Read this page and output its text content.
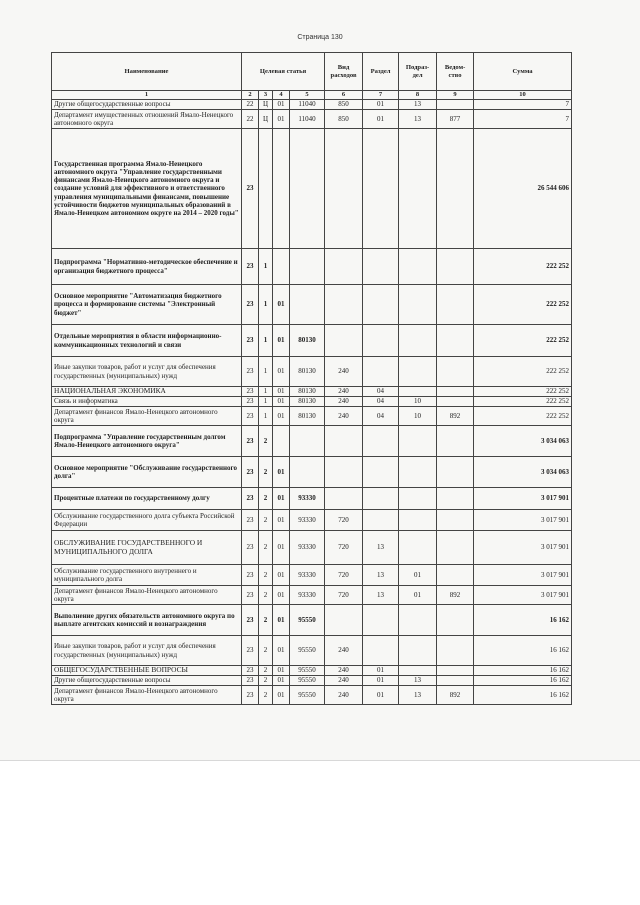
Страница 130
Наименование	Целевая статья				Вид расходов	Раздел	Подраз-дел	Ведом-ство	Сумма
1	2	3	4	5	6	7	8	9	10
Другие общегосударственные вопросы	22	Ц	01	11040	850	01	13		7
Департамент имущественных отношений Ямало-Ненецкого автономного округа	22	Ц	01	11040	850	01	13	877	7
Государственная программа Ямало-Ненецкого автономного округа "Управление государственными финансами Ямало-Ненецкого автономного округа и создание условий для эффективного и ответственного управления муниципальными финансами, повышение устойчивости бюджетов муниципальных образований в Ямало-Ненецком автономном округе на 2014 – 2020 годы"	23								26 544 606
Подпрограмма "Нормативно-методическое обеспечение и организация бюджетного процесса"	23	1							222 252
Основное мероприятие "Автоматизация бюджетного процесса и формирование системы "Электронный бюджет"	23	1	01						222 252
Отдельные мероприятия в области информационно-коммуникационных технологий и связи	23	1	01	80130					222 252
Иные закупки товаров, работ и услуг для обеспечения государственных (муниципальных) нужд	23	1	01	80130	240				222 252
НАЦИОНАЛЬНАЯ ЭКОНОМИКА	23	1	01	80130	240	04			222 252
Связь и информатика	23	1	01	80130	240	04	10		222 252
Департамент финансов Ямало-Ненецкого автономного округа	23	1	01	80130	240	04	10	892	222 252
Подпрограмма "Управление государственным долгом Ямало-Ненецкого автономного округа"	23	2							3 034 063
Основное мероприятие "Обслуживание государственного долга"	23	2	01						3 034 063
Процентные платежи по государственному долгу	23	2	01	93330					3 017 901
Обслуживание государственного долга субъекта Российской Федерации	23	2	01	93330	720				3 017 901
ОБСЛУЖИВАНИЕ ГОСУДАРСТВЕННОГО И МУНИЦИПАЛЬНОГО ДОЛГА	23	2	01	93330	720	13			3 017 901
Обслуживание государственного внутреннего и муниципального долга	23	2	01	93330	720	13	01		3 017 901
Департамент финансов Ямало-Ненецкого автономного округа	23	2	01	93330	720	13	01	892	3 017 901
Выполнение других обязательств автономного округа по выплате агентских комиссий и вознаграждения	23	2	01	95550					16 162
Иные закупки товаров, работ и услуг для обеспечения государственных (муниципальных) нужд	23	2	01	95550	240				16 162
ОБЩЕГОСУДАРСТВЕННЫЕ ВОПРОСЫ	23	2	01	95550	240	01			16 162
Другие общегосударственные вопросы	23	2	01	95550	240	01	13		16 162
Департамент финансов Ямало-Ненецкого автономного округа	23	2	01	95550	240	01	13	892	16 162
